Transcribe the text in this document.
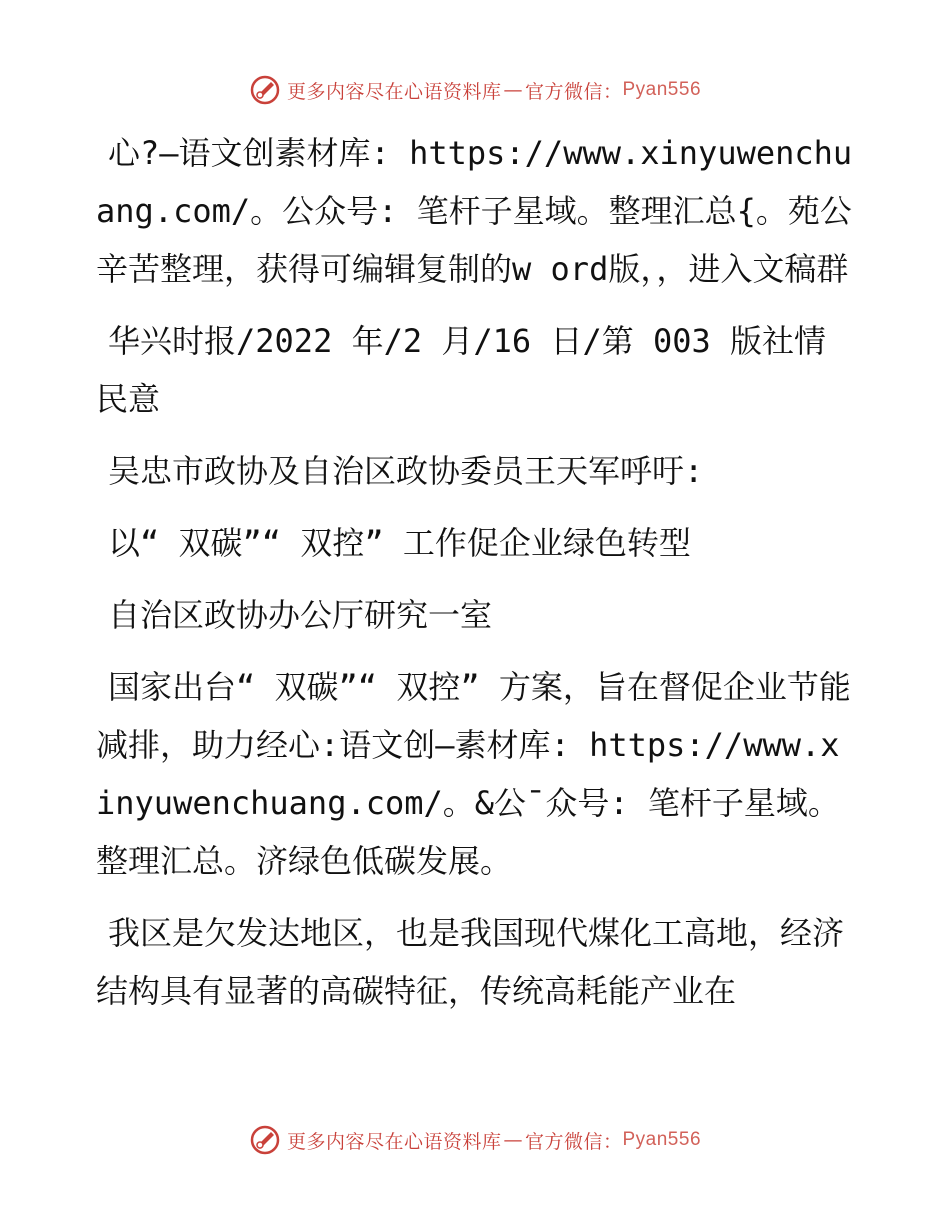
更多内容尽在心语资料库 — 官方微信： Pyan556

心?—语文创素材库: https://www.xinyuwenchuang.com/。公众号: 笔杆子星域。整理汇总{。苑公辛苦整理，获得可编辑复制的w ord版，，进入文稿群

华兴时报/2022 年/2 月/16 日/第 003 版社情民意

吴忠市政协及自治区政协委员王天军呼吁:

以“ 双碳”“ 双控” 工作促企业绿色转型

自治区政协办公厅研究一室

国家出台“ 双碳”“ 双控” 方案，旨在督促企业节能减排，助力经心:语文创—素材库: https://www.xinyuwenchuang.com/。&公¯众号: 笔杆子星域。整理汇总。济绿色低碳发展。

我区是欠发达地区，也是我国现代煤化工高地，经济结构具有显著的高碳特征，传统高耗能产业在

更多内容尽在心语资料库 — 官方微信： Pyan556
